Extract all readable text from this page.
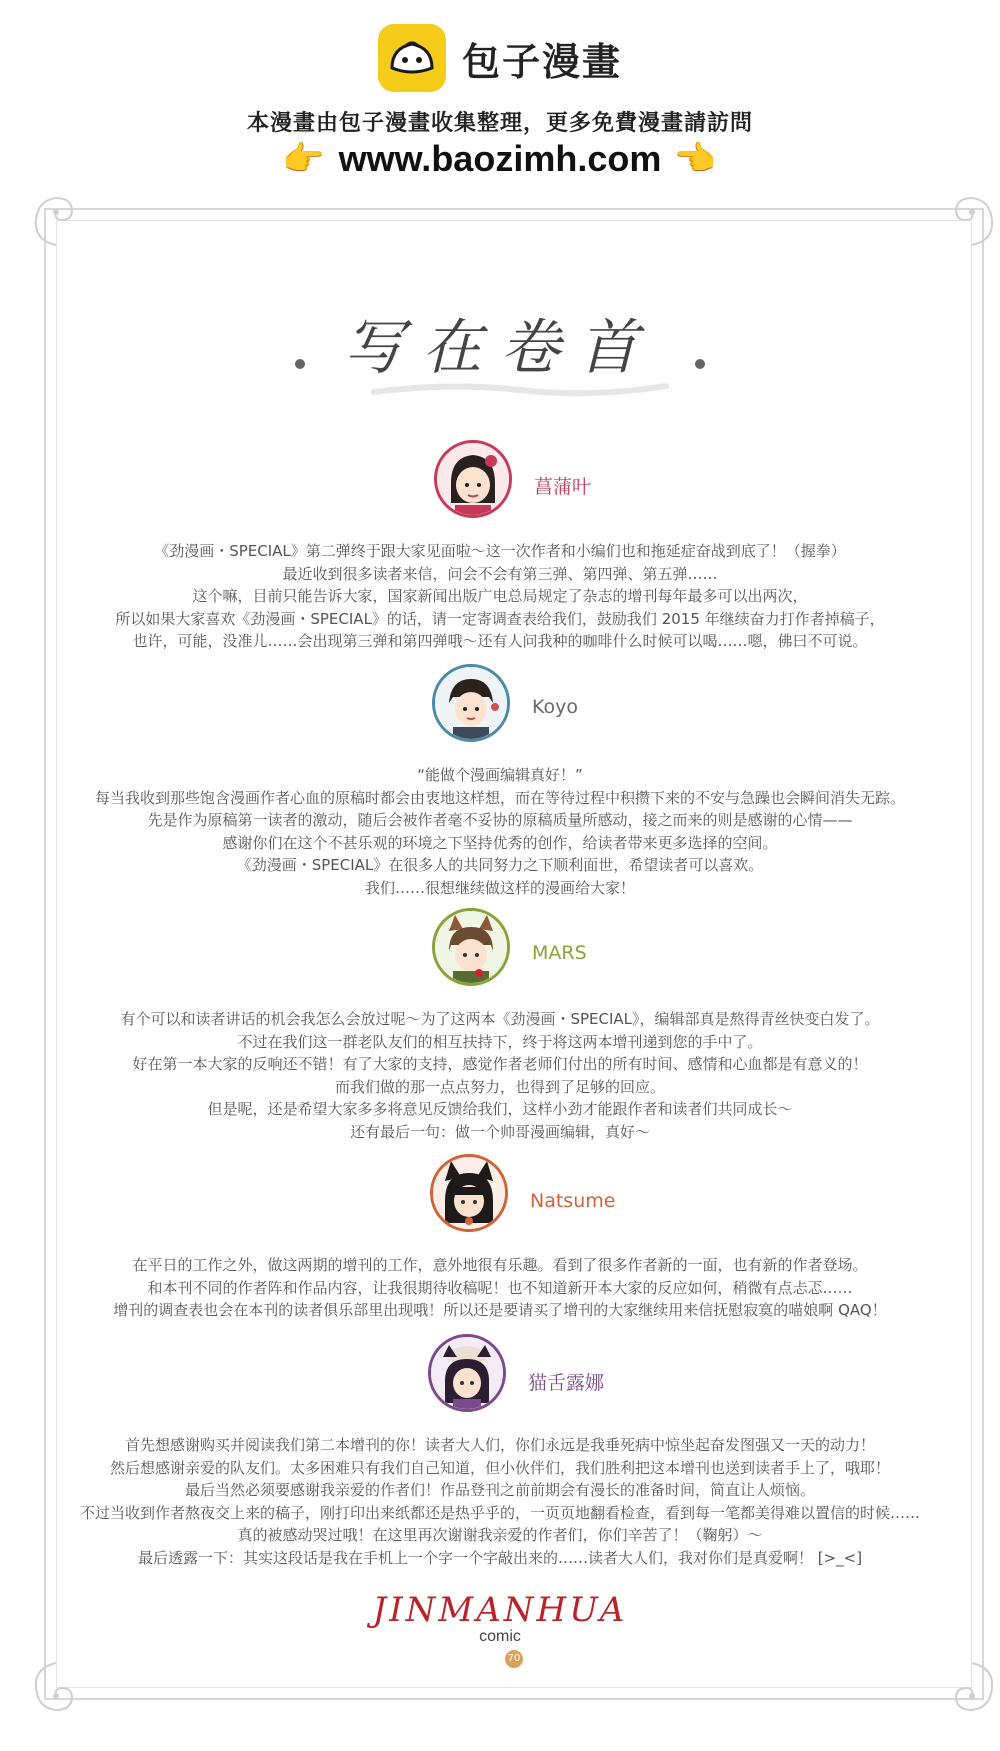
包子漫畫
本漫畫由包子漫畫收集整理，更多免費漫畫請訪問
👉 www.baozimh.com 👉
写在卷首
菖蒲叶
《劲漫画・SPECIAL》第二弹终于跟大家见面啦～这一次作者和小编们也和拖延症奋战到底了！（握拳）
最近收到很多读者来信，问会不会有第三弹、第四弹、第五弹……
这个嘛，目前只能告诉大家，国家新闻出版广电总局规定了杂志的增刊每年最多可以出两次，
所以如果大家喜欢《劲漫画・SPECIAL》的话，请一定寄调查表给我们，鼓励我们 2015 年继续奋力打作者掉稿子，
也许，可能，没准儿……会出现第三弹和第四弹哦～还有人问我种的咖啡什么时候可以喝……嗯，佛曰不可说。
Koyo
“能做个漫画编辑真好！”
每当我收到那些饱含漫画作者心血的原稿时都会由衷地这样想，而在等待过程中积攒下来的不安与急躁也会瞬间消失无踪。
先是作为原稿第一读者的激动，随后会被作者毫不妥协的原稿质量所感动，接之而来的则是感谢的心情——
感谢你们在这个不甚乐观的环境之下坚持优秀的创作，给读者带来更多选择的空间。
《劲漫画・SPECIAL》在很多人的共同努力之下顺利面世，希望读者可以喜欢。
我们……很想继续做这样的漫画给大家！
MARS
有个可以和读者讲话的机会我怎么会放过呢～为了这两本《劲漫画・SPECIAL》，编辑部真是熬得青丝快变白发了。
不过在我们这一群老队友们的相互扶持下，终于将这两本增刊递到您的手中了。
好在第一本大家的反响还不错！有了大家的支持，感觉作者老师们付出的所有时间、感情和心血都是有意义的！
而我们做的那一点点努力，也得到了足够的回应。
但是呢，还是希望大家多多将意见反馈给我们，这样小劲才能跟作者和读者们共同成长～
还有最后一句：做一个帅哥漫画编辑，真好～
Natsume
在平日的工作之外，做这两期的增刊的工作，意外地很有乐趣。看到了很多作者新的一面，也有新的作者登场。
和本刊不同的作者阵和作品内容，让我很期待收稿呢！也不知道新开本大家的反应如何，稍微有点忐忑……
增刊的调查表也会在本刊的读者俱乐部里出现哦！所以还是要请买了增刊的大家继续用来信抚慰寂寞的喵娘啊 QAQ！
猫舌露娜
首先想感谢购买并阅读我们第二本增刊的你！读者大人们，你们永远是我垂死病中惊坐起奋发图强又一天的动力！
然后想感谢亲爱的队友们。太多困难只有我们自己知道，但小伙伴们，我们胜利把这本增刊也送到读者手上了，哦耶！
最后当然必须要感谢我亲爱的作者们！作品登刊之前前期会有漫长的准备时间，简直让人烦恼。
不过当收到作者熬夜交上来的稿子，刚打印出来纸都还是热乎乎的，一页页地翻看检查，看到每一笔都美得难以置信的时候……
真的被感动哭过哦！在这里再次谢谢我亲爱的作者们，你们辛苦了！（鞠躬）～
最后透露一下：其实这段话是我在手机上一个字一个字敲出来的……读者大人们，我对你们是真爱啊！ [>_<]
JINMANHUA
comic
70
